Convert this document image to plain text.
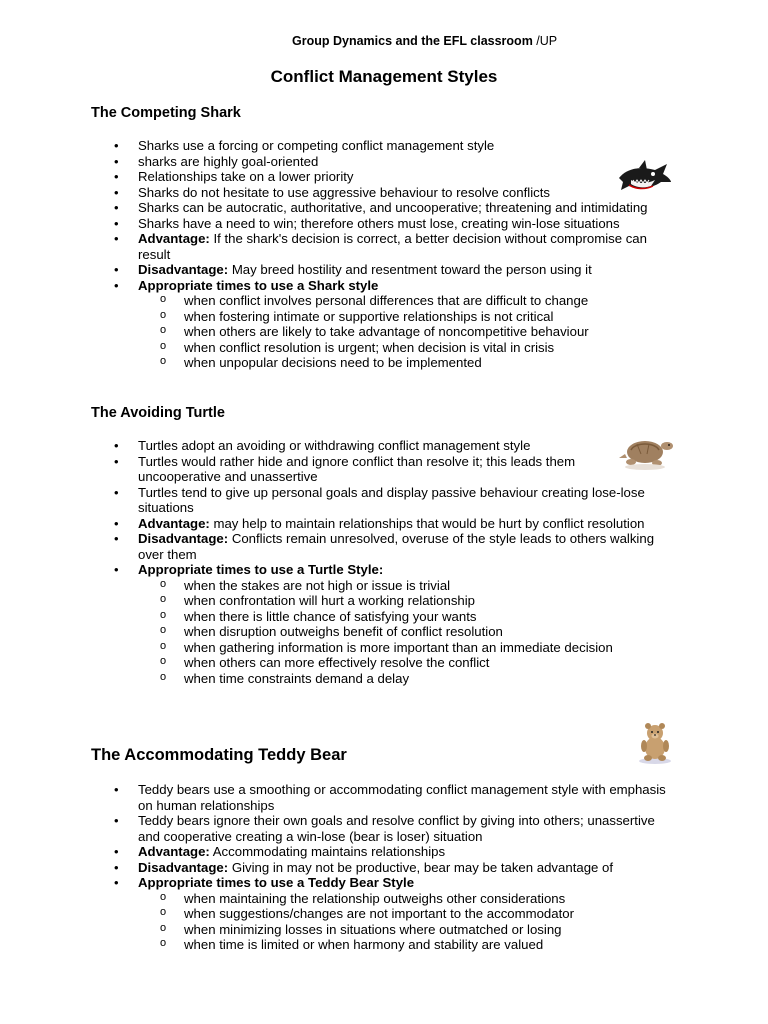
Group Dynamics and the EFL classroom /UP
Conflict Management Styles
The Competing Shark
• Sharks use a forcing or competing conflict management style
• sharks are highly goal-oriented
• Relationships take on a lower priority
• Sharks do not hesitate to use aggressive behaviour to resolve conflicts
• Sharks can be autocratic, authoritative, and uncooperative; threatening and intimidating
• Sharks have a need to win; therefore others must lose, creating win-lose situations
• Advantage: If the shark's decision is correct, a better decision without compromise can result
• Disadvantage: May breed hostility and resentment toward the person using it
• Appropriate times to use a Shark style
o when conflict involves personal differences that are difficult to change
o when fostering intimate or supportive relationships is not critical
o when others are likely to take advantage of noncompetitive behaviour
o when conflict resolution is urgent; when decision is vital in crisis
o when unpopular decisions need to be implemented
The Avoiding Turtle
• Turtles adopt an avoiding or withdrawing conflict management style
• Turtles would rather hide and ignore conflict than resolve it; this leads them uncooperative and unassertive
• Turtles tend to give up personal goals and display passive behaviour creating lose-lose situations
• Advantage: may help to maintain relationships that would be hurt by conflict resolution
• Disadvantage: Conflicts remain unresolved, overuse of the style leads to others walking over them
• Appropriate times to use a Turtle Style:
o when the stakes are not high or issue is trivial
o when confrontation will hurt a working relationship
o when there is little chance of satisfying your wants
o when disruption outweighs benefit of conflict resolution
o when gathering information is more important than an immediate decision
o when others can more effectively resolve the conflict
o when time constraints demand a delay
The Accommodating Teddy Bear
• Teddy bears use a smoothing or accommodating conflict management style with emphasis on human relationships
• Teddy bears ignore their own goals and resolve conflict by giving into others; unassertive and cooperative creating a win-lose (bear is loser) situation
• Advantage: Accommodating maintains relationships
• Disadvantage: Giving in may not be productive, bear may be taken advantage of
• Appropriate times to use a Teddy Bear Style
o when maintaining the relationship outweighs other considerations
o when suggestions/changes are not important to the accommodator
o when minimizing losses in situations where outmatched or losing
o when time is limited or when harmony and stability are valued
